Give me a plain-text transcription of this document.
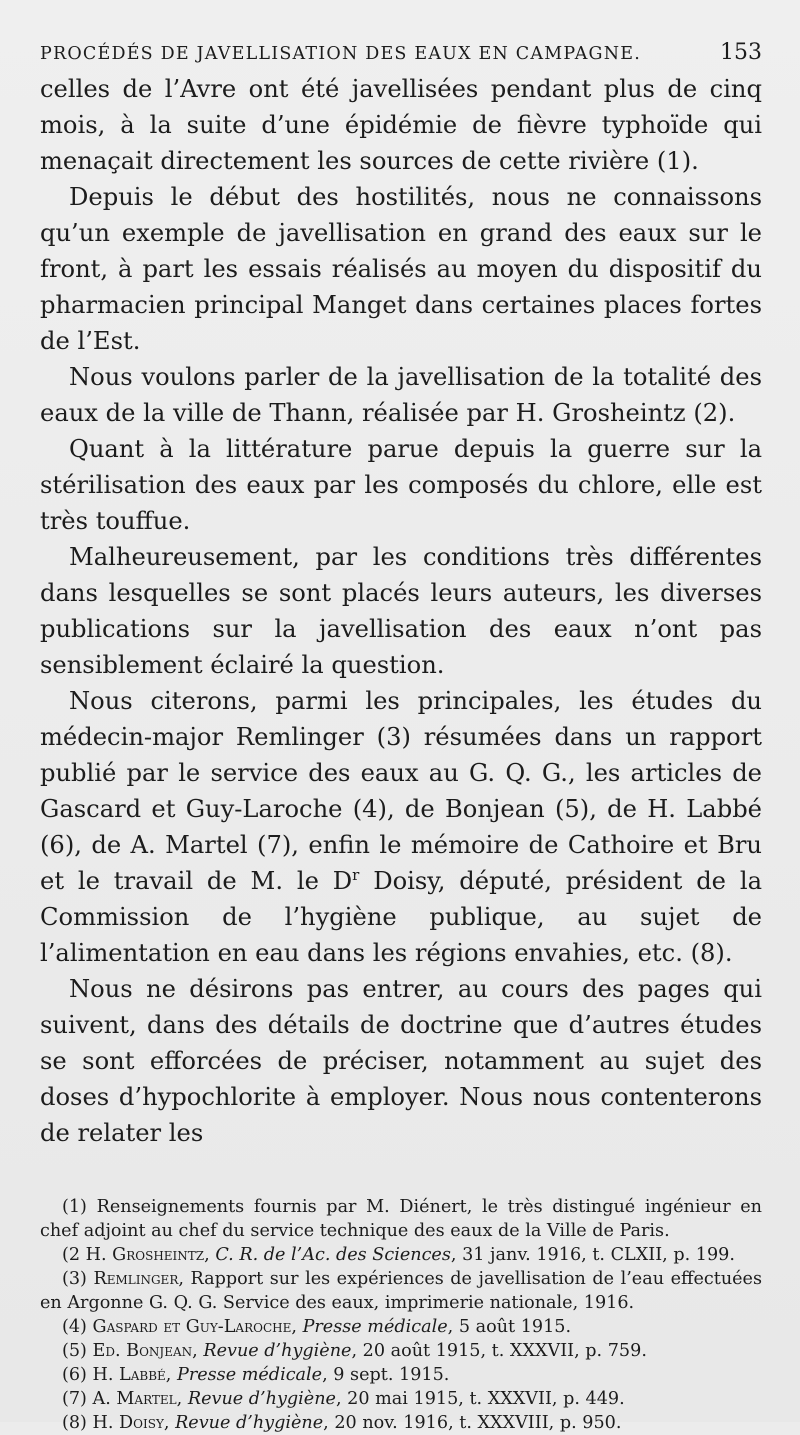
PROCÉDÉS DE JAVELLISATION DES EAUX EN CAMPAGNE.	153

celles de l’Avre ont été javellisées pendant plus de cinq mois, à la suite d’une épidémie de fièvre typhoïde qui menaçait directement les sources de cette rivière (1).

Depuis le début des hostilités, nous ne connaissons qu’un exemple de javellisation en grand des eaux sur le front, à part les essais réalisés au moyen du dispositif du pharmacien principal Manget dans certaines places fortes de l’Est.

Nous voulons parler de la javellisation de la totalité des eaux de la ville de Thann, réalisée par H. Grosheintz (2).

Quant à la littérature parue depuis la guerre sur la stérilisation des eaux par les composés du chlore, elle est très touffue.

Malheureusement, par les conditions très différentes dans lesquelles se sont placés leurs auteurs, les diverses publications sur la javellisation des eaux n’ont pas sensiblement éclairé la question.

Nous citerons, parmi les principales, les études du médecin-major Remlinger (3) résumées dans un rapport publié par le service des eaux au G. Q. G., les articles de Gascard et Guy-Laroche (4), de Bonjean (5), de H. Labbé (6), de A. Martel (7), enfin le mémoire de Cathoire et Bru et le travail de M. le $D^r$ Doisy, député, président de la Commission de l’hygiène publique, au sujet de l’alimentation en eau dans les régions envahies, etc. (8).

Nous ne désirons pas entrer, au cours des pages qui suivent, dans des détails de doctrine que d’autres études se sont efforcées de préciser, notamment au sujet des doses d’hypochlorite à employer. Nous nous contenterons de relater les

(1) Renseignements fournis par M. Diénert, le très distingué ingénieur en chef adjoint au chef du service technique des eaux de la Ville de Paris.

(2 H. Grosheintz, C. R. de l’Ac. des Sciences, 31 janv. 1916, t. CLXII, p. 199.

(3) Remlinger, Rapport sur les expériences de javellisation de l’eau effectuées en Argonne G. Q. G. Service des eaux, imprimerie nationale, 1916.

(4) Gaspard et Guy-Laroche, Presse médicale, 5 août 1915.

(5) Ed. Bonjean, Revue d’hygiène, 20 août 1915, t. XXXVII, p. 759.

(6) H. Labbé, Presse médicale, 9 sept. 1915.

(7) A. Martel, Revue d’hygiène, 20 mai 1915, t. XXXVII, p. 449.

(8) H. Doisy, Revue d’hygiène, 20 nov. 1916, t. XXXVIII, p. 950.
